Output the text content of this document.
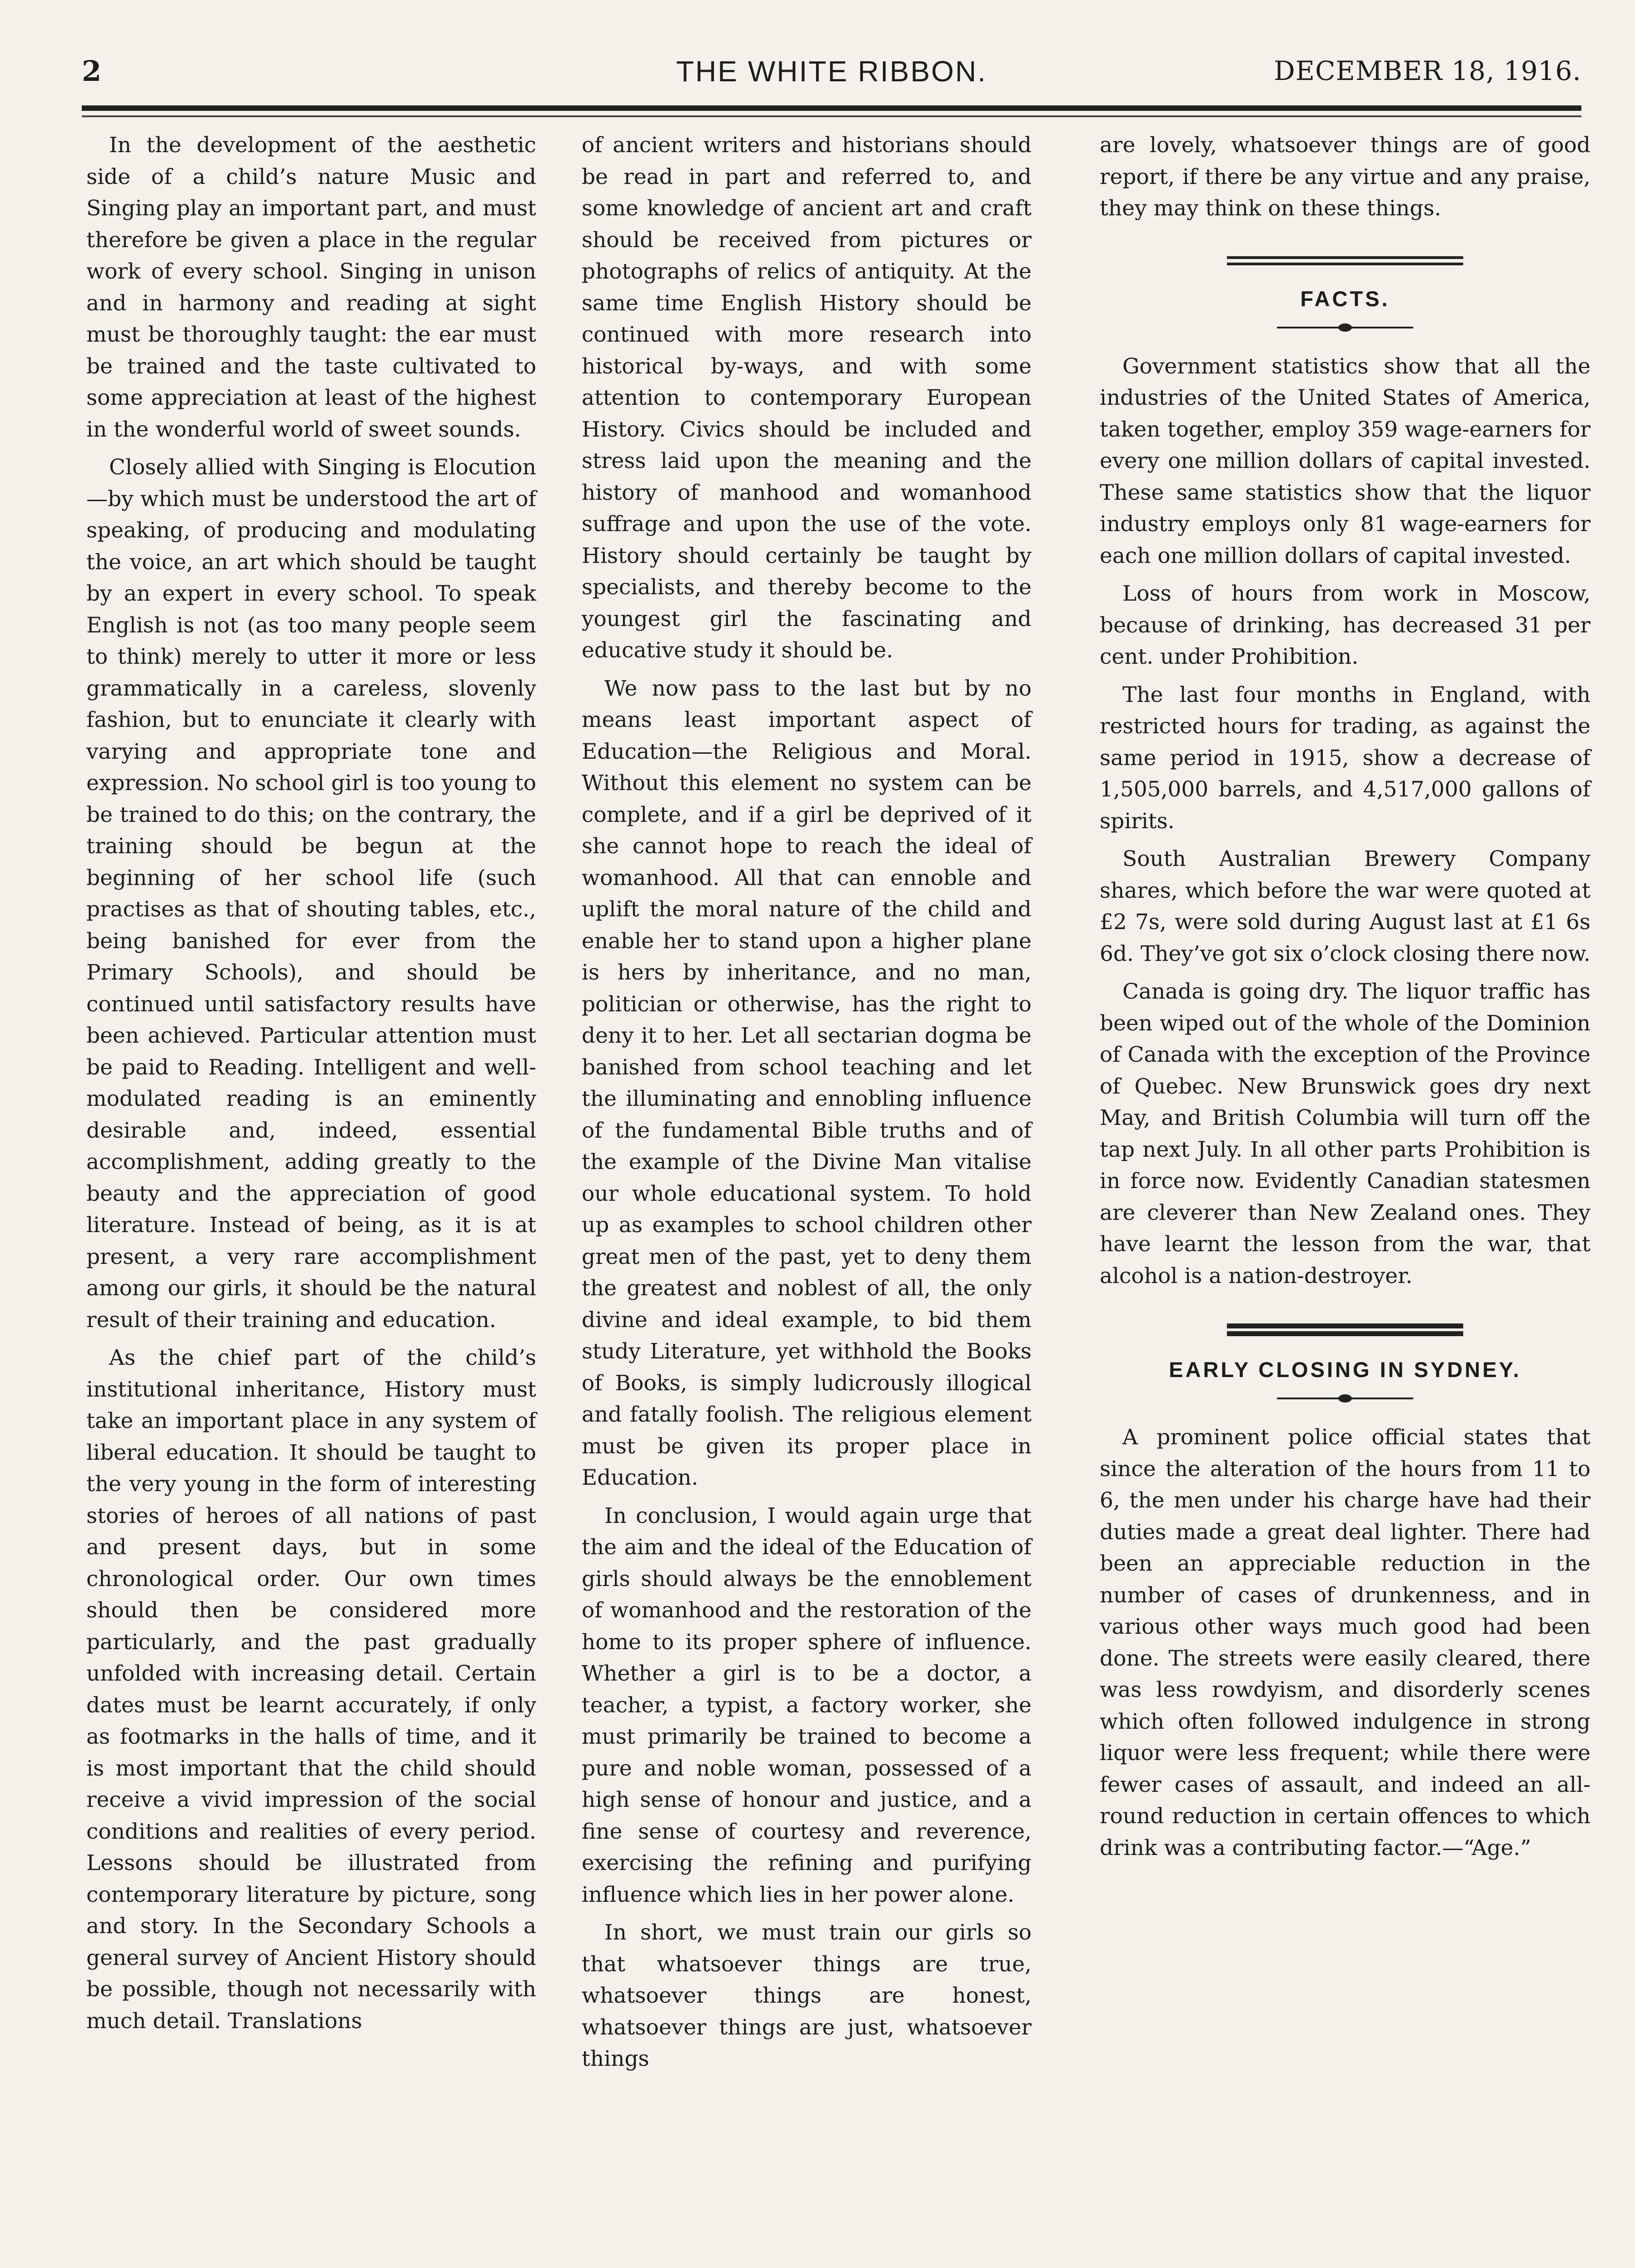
2	THE WHITE RIBBON.	DECEMBER 18, 1916.

In the development of the aesthetic side of a child’s nature Music and Singing play an important part, and must therefore be given a place in the regular work of every school. Singing in unison and in harmony and reading at sight must be thoroughly taught: the ear must be trained and the taste cultivated to some appreciation at least of the highest in the wonderful world of sweet sounds.

Closely allied with Singing is Elocution—by which must be understood the art of speaking, of producing and modulating the voice, an art which should be taught by an expert in every school. To speak English is not (as too many people seem to think) merely to utter it more or less grammatically in a careless, slovenly fashion, but to enunciate it clearly with varying and appropriate tone and expression. No school girl is too young to be trained to do this; on the contrary, the training should be begun at the beginning of her school life (such practises as that of shouting tables, etc., being banished for ever from the Primary Schools), and should be continued until satisfactory results have been achieved. Particular attention must be paid to Reading. Intelligent and well-modulated reading is an eminently desirable and, indeed, essential accomplishment, adding greatly to the beauty and the appreciation of good literature. Instead of being, as it is at present, a very rare accomplishment among our girls, it should be the natural result of their training and education.

As the chief part of the child’s institutional inheritance, History must take an important place in any system of liberal education. It should be taught to the very young in the form of interesting stories of heroes of all nations of past and present days, but in some chronological order. Our own times should then be considered more particularly, and the past gradually unfolded with increasing detail. Certain dates must be learnt accurately, if only as footmarks in the halls of time, and it is most important that the child should receive a vivid impression of the social conditions and realities of every period. Lessons should be illustrated from contemporary literature by picture, song and story. In the Secondary Schools a general survey of Ancient History should be possible, though not necessarily with much detail. Translations

of ancient writers and historians should be read in part and referred to, and some knowledge of ancient art and craft should be received from pictures or photographs of relics of antiquity. At the same time English History should be continued with more research into historical by-ways, and with some attention to contemporary European History. Civics should be included and stress laid upon the meaning and the history of manhood and womanhood suffrage and upon the use of the vote. History should certainly be taught by specialists, and thereby become to the youngest girl the fascinating and educative study it should be.

We now pass to the last but by no means least important aspect of Education—the Religious and Moral. Without this element no system can be complete, and if a girl be deprived of it she cannot hope to reach the ideal of womanhood. All that can ennoble and uplift the moral nature of the child and enable her to stand upon a higher plane is hers by inheritance, and no man, politician or otherwise, has the right to deny it to her. Let all sectarian dogma be banished from school teaching and let the illuminating and ennobling influence of the fundamental Bible truths and of the example of the Divine Man vitalise our whole educational system. To hold up as examples to school children other great men of the past, yet to deny them the greatest and noblest of all, the only divine and ideal example, to bid them study Literature, yet withhold the Books of Books, is simply ludicrously illogical and fatally foolish. The religious element must be given its proper place in Education.

In conclusion, I would again urge that the aim and the ideal of the Education of girls should always be the ennoblement of womanhood and the restoration of the home to its proper sphere of influence. Whether a girl is to be a doctor, a teacher, a typist, a factory worker, she must primarily be trained to become a pure and noble woman, possessed of a high sense of honour and justice, and a fine sense of courtesy and reverence, exercising the refining and purifying influence which lies in her power alone.

In short, we must train our girls so that whatsoever things are true, whatsoever things are honest, whatsoever things are just, whatsoever things

are lovely, whatsoever things are of good report, if there be any virtue and any praise, they may think on these things.

FACTS.

Government statistics show that all the industries of the United States of America, taken together, employ 359 wage-earners for every one million dollars of capital invested. These same statistics show that the liquor industry employs only 81 wage-earners for each one million dollars of capital invested.

Loss of hours from work in Moscow, because of drinking, has decreased 31 per cent. under Prohibition.

The last four months in England, with restricted hours for trading, as against the same period in 1915, show a decrease of 1,505,000 barrels, and 4,517,000 gallons of spirits.

South Australian Brewery Company shares, which before the war were quoted at £2 7s, were sold during August last at £1 6s 6d. They’ve got six o’clock closing there now.

Canada is going dry. The liquor traffic has been wiped out of the whole of the Dominion of Canada with the exception of the Province of Quebec. New Brunswick goes dry next May, and British Columbia will turn off the tap next July. In all other parts Prohibition is in force now. Evidently Canadian statesmen are cleverer than New Zealand ones. They have learnt the lesson from the war, that alcohol is a nation-destroyer.

EARLY CLOSING IN SYDNEY.

A prominent police official states that since the alteration of the hours from 11 to 6, the men under his charge have had their duties made a great deal lighter. There had been an appreciable reduction in the number of cases of drunkenness, and in various other ways much good had been done. The streets were easily cleared, there was less rowdyism, and disorderly scenes which often followed indulgence in strong liquor were less frequent; while there were fewer cases of assault, and indeed an all-round reduction in certain offences to which drink was a contributing factor.—“Age.”
